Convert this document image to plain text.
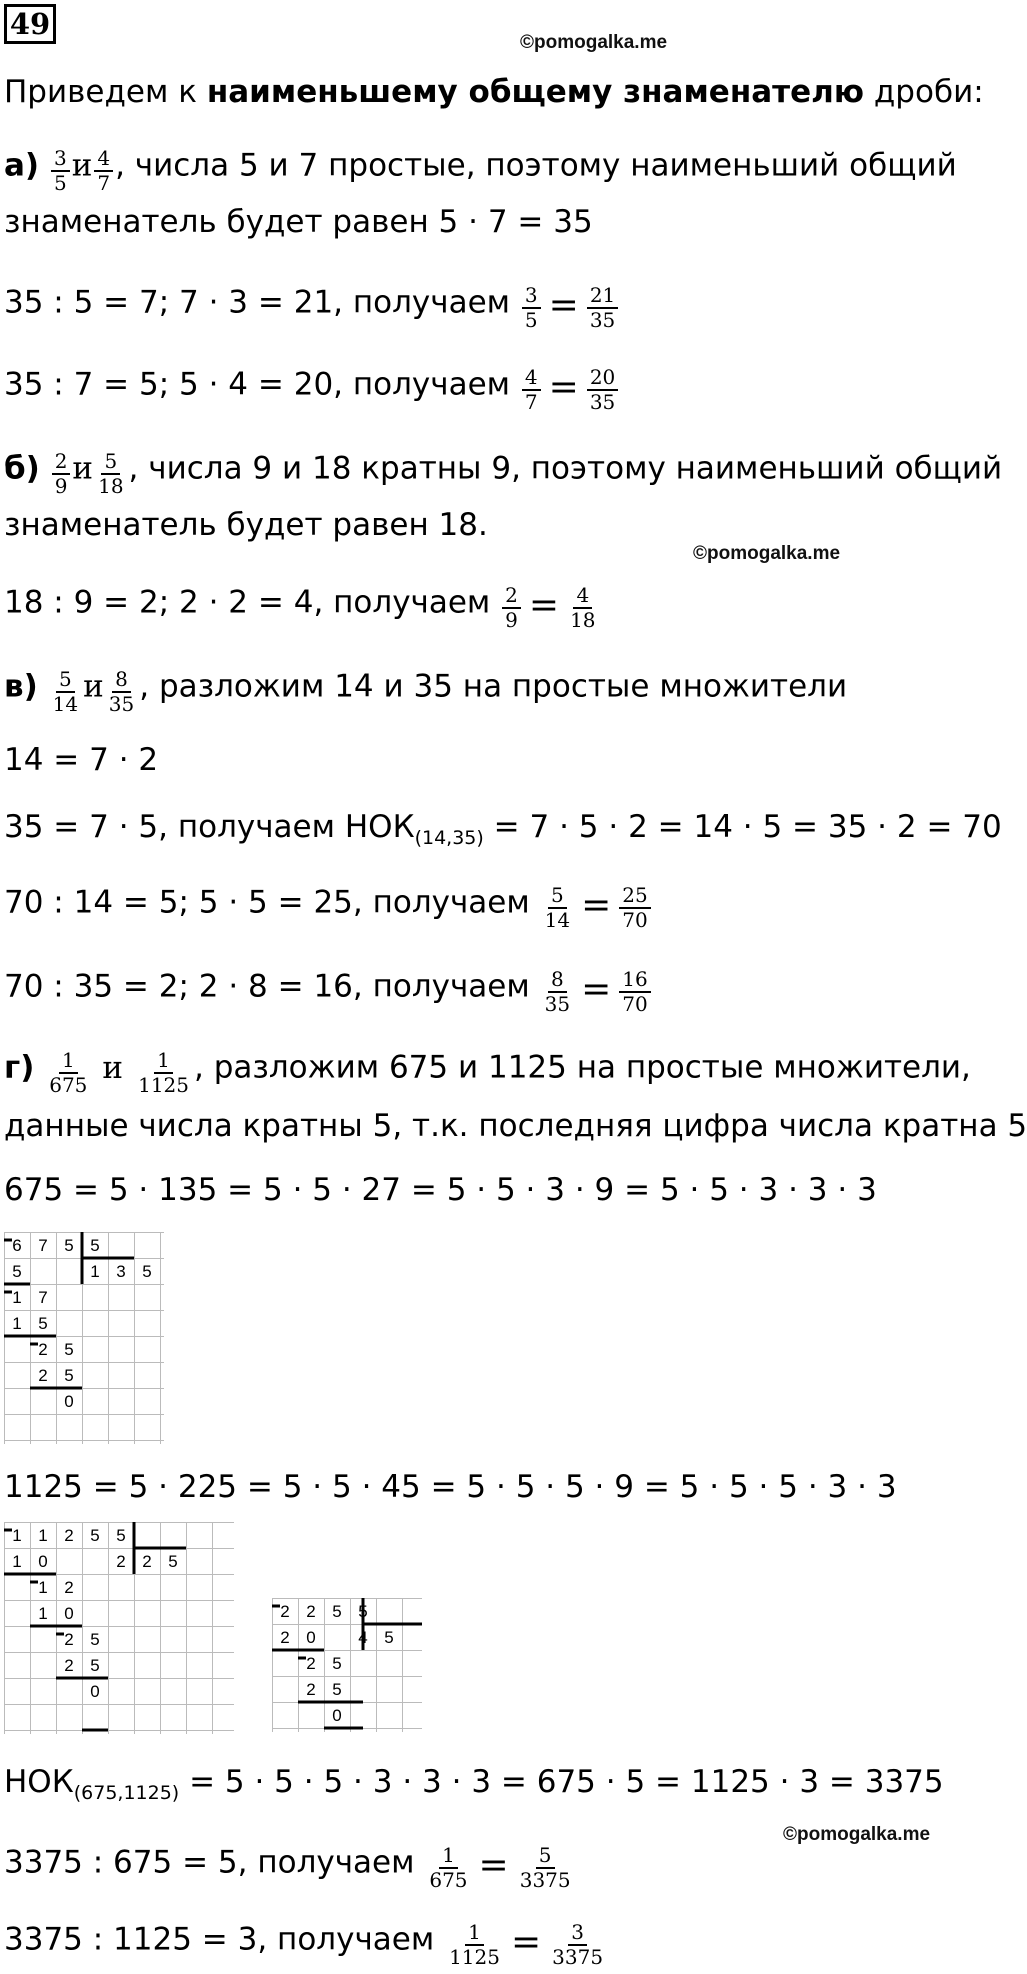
49
©pomogalka.me
Приведем к наименьшему общему знаменателю дроби:
$а) \frac{3}{5}$ и $\frac{4}{7}$ , числа 5 и 7 простые, поэтому наименьший общий
знаменатель будет равен 5 · 7 = 35
35 : 5 = 7; 7 · 3 = 21, получаем $\frac{3}{5} = \frac{21}{35}$
35 : 7 = 5; 5 · 4 = 20, получаем $\frac{4}{7} = \frac{20}{35}$
$б) \frac{2}{9}$ и $\frac{5}{18}$ , числа 9 и 18 кратны 9, поэтому наименьший общий
знаменатель будет равен 18.
©pomogalka.me
18 : 9 = 2; 2 · 2 = 4, получаем $\frac{2}{9} = \frac{4}{18}$
$в) \frac{5}{14}$ и $\frac{8}{35}$ , разложим 14 и 35 на простые множители
14 = 7 · 2
35 = 7 · 5, получаем $НОК_{(14,35)} = 7 \cdot 5 \cdot 2 = 14 \cdot 5 = 35 \cdot 2 = 70$
70 : 14 = 5; 5 · 5 = 25, получаем $\frac{5}{14} = \frac{25}{70}$
70 : 35 = 2; 2 · 8 = 16, получаем $\frac{8}{35} = \frac{16}{70}$
$г) \frac{1}{675}$ и $\frac{1}{1125}$ , разложим 675 и 1125 на простые множители,
данные числа кратны 5, т.к. последняя цифра числа кратна 5
675 = 5 · 135 = 5 · 5 · 27 = 5 · 5 · 3 · 9 = 5 · 5 · 3 · 3 · 3
6 7 5 5
5	1 3 5
1 7
1 5
2 5
2 5
0
1125 = 5 · 225 = 5 · 5 · 45 = 5 · 5 · 5 · 9 = 5 · 5 · 5 · 3 · 3
1 1 2 5 5
1 0	2 2 5
1 2
1 0
2 5
2 5
0
2 2 5 5
2 0	4 5
2 5
2 5
0
$НОК_{(675,1125)} = 5 \cdot 5 \cdot 5 \cdot 3 \cdot 3 \cdot 3 = 675 \cdot 5 = 1125 \cdot 3 = 3375$
©pomogalka.me
3375 : 675 = 5, получаем $\frac{1}{675} = \frac{5}{3375}$
3375 : 1125 = 3, получаем $\frac{1}{1125} = \frac{3}{3375}$
